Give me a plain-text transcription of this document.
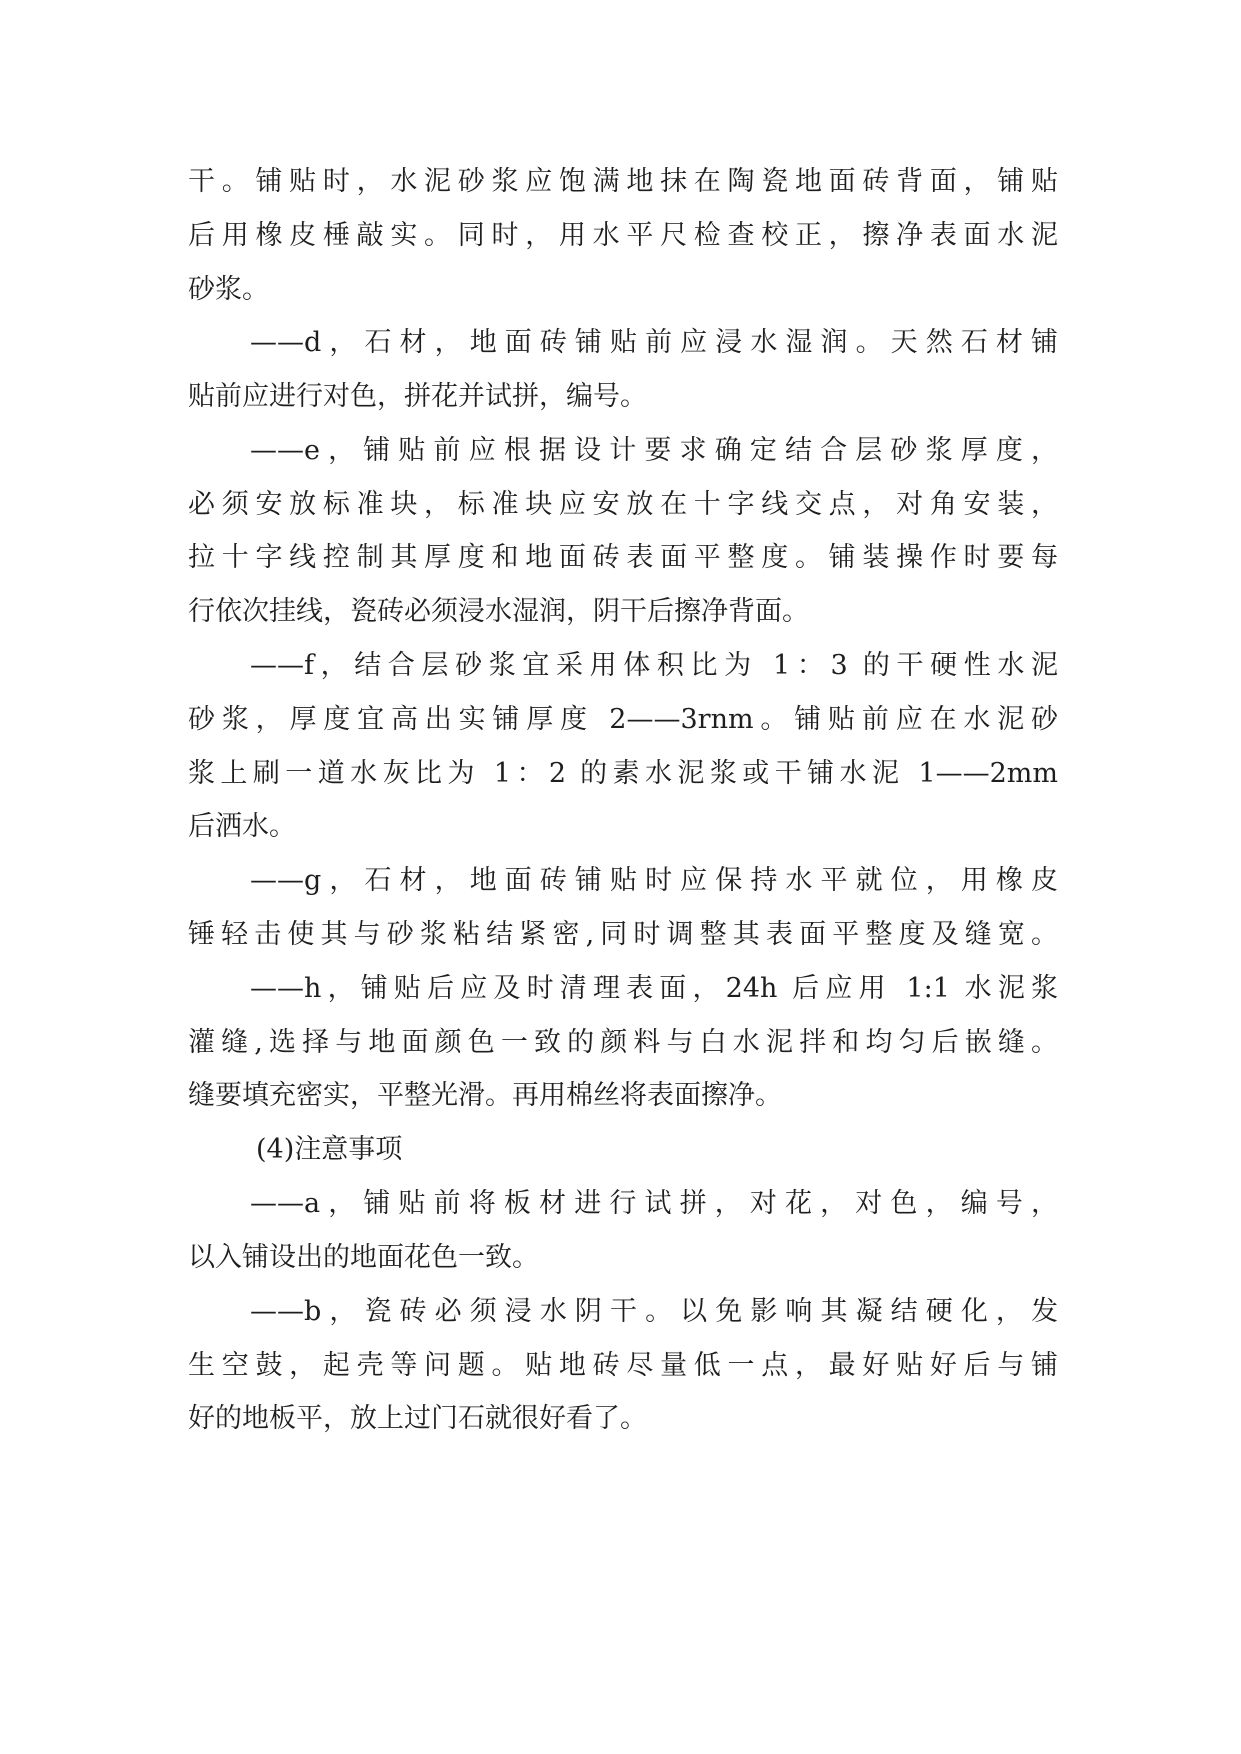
干。铺贴时，水泥砂浆应饱满地抹在陶瓷地面砖背面，铺贴
后用橡皮棰敲实。同时，用水平尺检查校正，擦净表面水泥
砂浆。
——d，石材，地面砖铺贴前应浸水湿润。天然石材铺
贴前应进行对色，拼花并试拼，编号。
——e，铺贴前应根据设计要求确定结合层砂浆厚度，
必须安放标准块，标准块应安放在十字线交点，对角安装，
拉十字线控制其厚度和地面砖表面平整度。铺装操作时要每
行依次挂线，瓷砖必须浸水湿润，阴干后擦净背面。
——f，结合层砂浆宜采用体积比为 1：3 的干硬性水泥
砂浆，厚度宜高出实铺厚度 2——3rnm。铺贴前应在水泥砂
浆上刷一道水灰比为 1：2 的素水泥浆或干铺水泥 1——2mm
后洒水。
——g，石材，地面砖铺贴时应保持水平就位，用橡皮
锤轻击使其与砂浆粘结紧密,同时调整其表面平整度及缝宽。
——h，铺贴后应及时清理表面，24h 后应用 1:1 水泥浆
灌缝,选择与地面颜色一致的颜料与白水泥拌和均匀后嵌缝。
缝要填充密实，平整光滑。再用棉丝将表面擦净。
(4)注意事项
——a，铺贴前将板材进行试拼，对花，对色，编号，
以入铺设出的地面花色一致。
——b，瓷砖必须浸水阴干。以免影响其凝结硬化，发
生空鼓，起壳等问题。贴地砖尽量低一点，最好贴好后与铺
好的地板平，放上过门石就很好看了。
